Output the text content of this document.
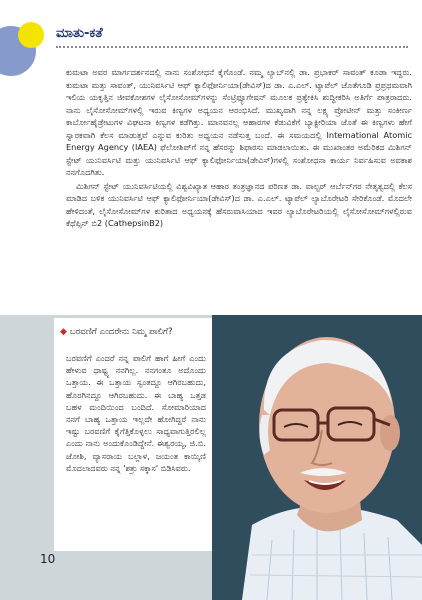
ಮಾತು-ಕತೆ

ಕುಮಟಾ ಅವರ ಮಾರ್ಗದರ್ಶನದಲ್ಲಿ ನಾನು ಸಂಶೋಧನೆ ಕೈಗೊಂಡೆ. ನಮ್ಮ ಲ್ಯಾಬ್‌ನಲ್ಲಿ ಡಾ. ಪ್ರಭಾಕರ್ ಸಾವಂತ್ ಕೂಡಾ ಇದ್ದರು. ಕುಮಟಾ ಮತ್ತು ಸಾವಂತ್, ಯುನಿವರ್ಸಿಟಿ ಆಫ್ ಕ್ಯಾಲಿಫೋರ್ನಿಯಾ(ಡೇವಿಸ್)ದ ಡಾ. ಎ.ಎಲ್. ಟ್ಯಾಪೆಲ್ ಜೊತೆಗೂಡಿ ಪ್ರಪ್ರಥಮವಾಗಿ ಇಲಿಯ ಯಕೃತ್ತಿನ ಜೀವಕೋಶಗಳ ಲೈಸೋಸೋಮ್‌ಗಳನ್ನು ಸೆಂಟ್ರಿಫ್ಯೂಗೇಷನ್ ಮೂಲಕ ಪ್ರತ್ಯೇಕಿಸಿ ಶುದ್ಧೀಕರಿಸಿ ಅತಿರ್ಗೆ ಪಾತ್ರರಾದರು. ನಾನು ಲೈಸೋಸೋಮ್‌ಗಳಲ್ಲಿ ಇರುವ ಕಿಣ್ವಗಳ ಅಧ್ಯಯನ ಆರಂಭಿಸಿದೆ. ಮುಖ್ಯವಾಗಿ ನನ್ನ ಲಕ್ಷ್ಯ ಪ್ರೋಟೀನ್ ಮತ್ತು ಸಂಕೀರ್ಣ ಕಾರ್ಬೋಹೈಡ್ರೇಟುಗಳ ವಿಘಟನಾ ಕಿಣ್ವಗಳ ಕಡೆಗಿತ್ತು. ಮಾನವನಲ್ಲ ಆಹಾರಗಳ ಕೆಡುವಿಕೆಗೆ ಬ್ಯಾಕ್ಟೀರಿಯಾ ಜೊತೆ ಈ ಕಿಣ್ವಗಳು ಹೇಗೆ ಸ್ವಾರಕವಾಗಿ ಕೆಲಸ ಮಾಡುತ್ತವೆ ಎನ್ನುವ ಕುರಿತು ಅಧ್ಯಯನ ನಡೆಸುತ್ತ ಬಂದೆ. ಈ ಸಮಯದಲ್ಲಿ International Atomic Energy Agency (IAEA) ಫೆಲೋಶಿಪ್‌ಗೆ ನನ್ನ ಹೆಸರನ್ನು ಶಿಫಾರಸು ಮಾಡಲಾಯಿತು. ಈ ಮುಖಾಂತರ ಅಮೆರಿಕದ ಮಿಶಿಗನ್ ಸ್ಟೇಟ್ ಯುನಿವರ್ಸಿಟಿ ಮತ್ತು ಯುನಿವರ್ಸಿಟಿ ಆಫ್ ಕ್ಯಾಲಿಫೋರ್ನಿಯಾ(ಡೇವಿಸ್)ಗಳಲ್ಲಿ ಸಂಶೋಧನಾ ಕಾರ್ಯ ನಿರ್ವಹಿಸುವ ಅವಕಾಶ ನನಗೊದಗಿತು.

ಮಿಶಿಗನ್ ಸ್ಟೇಟ್ ಯುನಿವರ್ಸಿಟಿಯಲ್ಲಿ ವಿಶ್ವವಿಖ್ಯಾತ ಆಹಾರ ತಂತ್ರಜ್ಞಾನದ ಪರಿಣತ ಡಾ. ವಾಲ್ಟರ್ ಆರ್ಬೆನ್‌ಗರ ನೇತೃತ್ವದಲ್ಲಿ ಕೆಲಸ ಮಾಡಿದ ಬಳಿಕ ಯುನಿವರ್ಸಿಟಿ ಆಫ್ ಕ್ಯಾಲಿಫೋರ್ನಿಯಾ(ಡೇವಿಸ್)ದ ಡಾ. ಎ.ಎಲ್. ಟ್ಯಾಪೆಲ್ ಲ್ಯಾಬೊರೇಟರಿ ಸೇರಿಕೊಂಡೆ. ಮೊದಲೇ ಹೇಳಿದಂತೆ, ಲೈಸೋಸೋಮ್‌ಗಳ ಕುರಿತಾದ ಅಧ್ಯಯನಕ್ಕೆ ಹೆಸರುವಾಸಿಯಾದ ಇವರ ಲ್ಯಾಬೊರೇಟರಿಯಲ್ಲಿ ಲೈಸೋಸೋಮ್‌ಗಳಲ್ಲಿರುವ ಕೆಥೆಪ್ಸಿನ್ ಬಿ2 (CathepsinB2)

◆ ಬರವಣಿಗೆ ಎಂದರೇನು ನಿಮ್ಮ ಪಾಲಿಗೆ?
ಬರವಣಿಗೆ ಎಂದರೆ ನನ್ನ ಪಾಲಿಗೆ ಹಾಗೆ ಹೀಗೆ ಎಂದು ಹೇಳುವ ಧಾಷ್ಟ್ಯ ನನಗಿಲ್ಲ. ನನಗಂತೂ ಅದೊಂದು ಒತ್ತಾಯ. ಈ ಒತ್ತಾಯ ಸ್ವಂತದ್ದೂ ಆಗಿರಬಹುದು, ಹೊರಗಿನದ್ದೂ ಆಗಿರಬಹುದು. ಈ ಬಾಹ್ಯ ಒತ್ತಡ ಬಹಳ ಮಂದಿಯಿಂದ ಬಂದಿದೆ. ಸೋಮಾರಿಯಾದ ನನಗೆ ಬಾಹ್ಯ ಒತ್ತಾಯ ಇಲ್ಲದೇ ಹೋಗಿದ್ದರೆ ನಾನು ಇಷ್ಟು ಬರವಣಿಗೆ ಕೈಗೆತ್ತಿಕೊಳ್ಳಲು ಸಾಧ್ಯವಾಗುತ್ತಿರಲಿಲ್ಲ ಎಂದು ನಾನು ಅಂದುಕೊಂಡಿದ್ದೇನೆ. ಈಶ್ವರಯ್ಯ, ಜಿ.ಬಿ. ಜೋಶಿ, ವ್ಯಾಸರಾಯ ಬಲ್ಲಾಳ, ಜಯಂತ ಕಾಯ್ಕಿಣಿ ಮೊದಲಾದವರು ನನ್ನ 'ಶತ್ರು ಸಕ್ಕಾಸ' ಬಿಡಿಸಿವರು.
10
